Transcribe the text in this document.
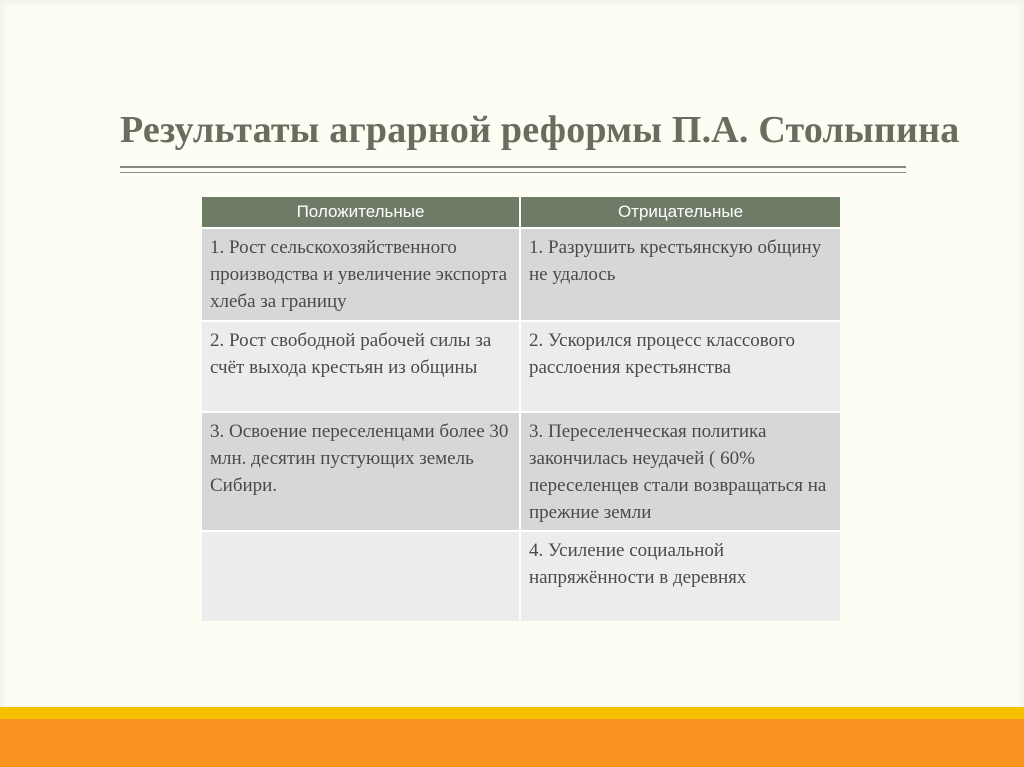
Результаты аграрной реформы П.А. Столыпина
Положительные	Отрицательные
1. Рост сельскохозяйственного производства и увеличение экспорта хлеба за границу	1. Разрушить крестьянскую общину не удалось
2. Рост свободной рабочей силы за счёт выхода крестьян из общины	2. Ускорился процесс классового расслоения крестьянства
3. Освоение переселенцами более 30 млн. десятин пустующих земель Сибири.	3. Переселенческая политика закончилась неудачей ( 60% переселенцев стали возвращаться на прежние земли
	4. Усиление социальной напряжённости в деревнях
